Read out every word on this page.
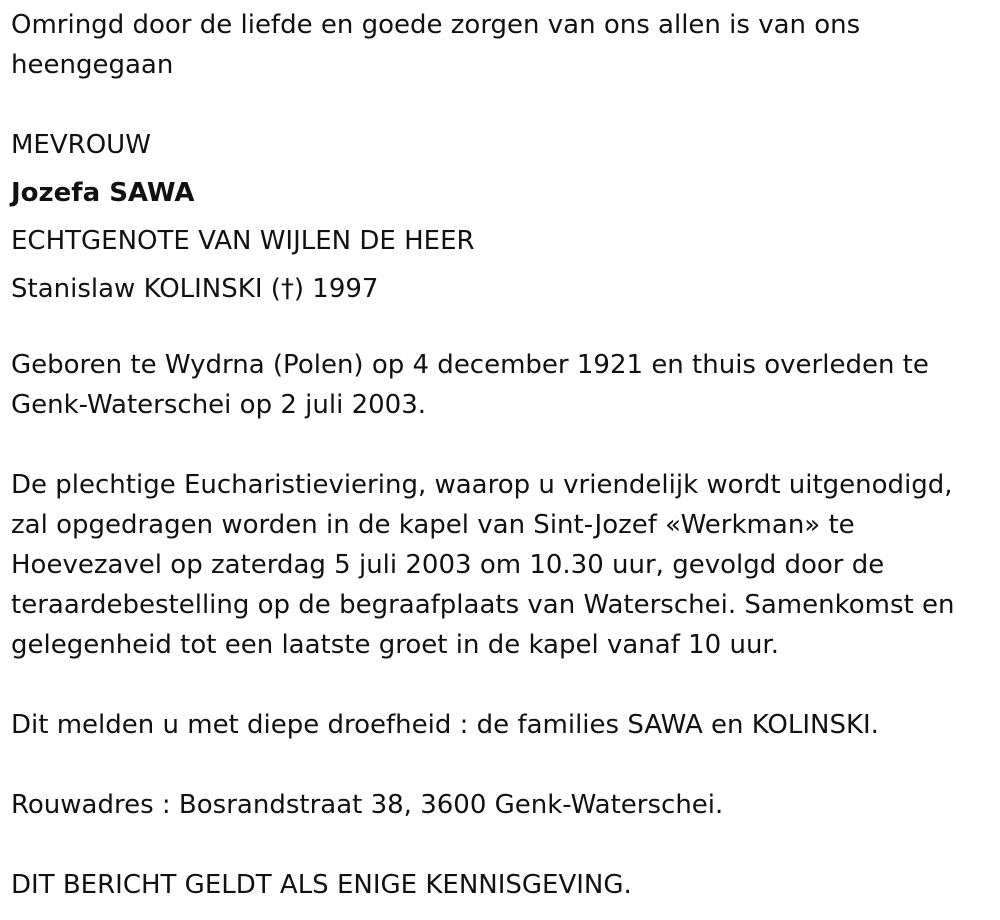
Omringd door de liefde en goede zorgen van ons allen is van ons
heengegaan
MEVROUW
Jozefa SAWA
ECHTGENOTE VAN WIJLEN DE HEER
Stanislaw KOLINSKI (†) 1997
Geboren te Wydrna (Polen) op 4 december 1921 en thuis overleden te
Genk-Waterschei op 2 juli 2003.
De plechtige Eucharistieviering, waarop u vriendelijk wordt uitgenodigd,
zal opgedragen worden in de kapel van Sint-Jozef «Werkman» te
Hoevezavel op zaterdag 5 juli 2003 om 10.30 uur, gevolgd door de
teraardebestelling op de begraafplaats van Waterschei. Samenkomst en
gelegenheid tot een laatste groet in de kapel vanaf 10 uur.
Dit melden u met diepe droefheid : de families SAWA en KOLINSKI.
Rouwadres : Bosrandstraat 38, 3600 Genk-Waterschei.
DIT BERICHT GELDT ALS ENIGE KENNISGEVING.
